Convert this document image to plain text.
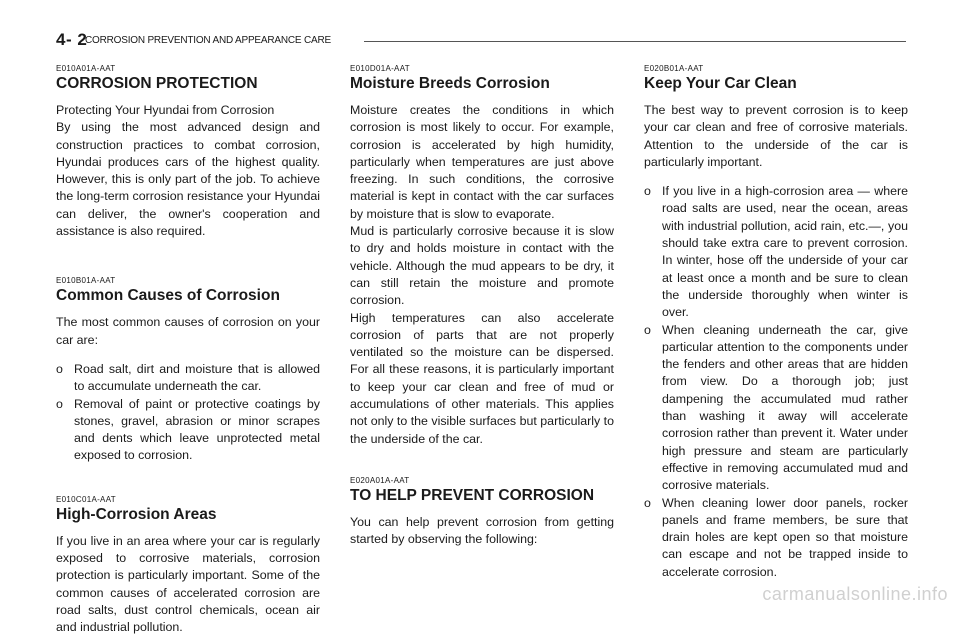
4- 2
CORROSION PREVENTION AND APPEARANCE CARE
E010A01A-AAT
CORROSION PROTECTION

Protecting Your Hyundai from Corrosion

By using the most advanced design and construction practices to combat corrosion, Hyundai produces cars of the highest quality. However, this is only part of the job. To achieve the long-term corrosion resistance your Hyundai can deliver, the owner's cooperation and assistance is also required.

E010B01A-AAT
Common Causes of Corrosion

The most common causes of corrosion on your car are:

o Road salt, dirt and moisture that is allowed to accumulate underneath the car.
o Removal of paint or protective coatings by stones, gravel, abrasion or minor scrapes and dents which leave unprotected metal exposed to corrosion.
E010C01A-AAT
High-Corrosion Areas

If you live in an area where your car is regularly exposed to corrosive materials, corrosion protection is particularly important. Some of the common causes of accelerated corrosion are road salts, dust control chemicals, ocean air and industrial pollution.

E010D01A-AAT
Moisture Breeds Corrosion

Moisture creates the conditions in which corrosion is most likely to occur. For example, corrosion is accelerated by high humidity, particularly when temperatures are just above freezing. In such conditions, the corrosive material is kept in contact with the car surfaces by moisture that is slow to evaporate.

Mud is particularly corrosive because it is slow to dry and holds moisture in contact with the vehicle. Although the mud appears to be dry, it can still retain the moisture and promote corrosion.

High temperatures can also accelerate corrosion of parts that are not properly ventilated so the moisture can be dispersed. For all these reasons, it is particularly important to keep your car clean and free of mud or accumulations of other materials. This applies not only to the visible surfaces but particularly to the underside of the car.

E020A01A-AAT
TO HELP PREVENT CORROSION

You can help prevent corrosion from getting started by observing the following:

E020B01A-AAT
Keep Your Car Clean

The best way to prevent corrosion is to keep your car clean and free of corrosive materials. Attention to the underside of the car is particularly important.

o If you live in a high-corrosion area — where road salts are used, near the ocean, areas with industrial pollution, acid rain, etc.—, you should take extra care to prevent corrosion. In winter, hose off the underside of your car at least once a month and be sure to clean the underside thoroughly when winter is over.
o When cleaning underneath the car, give particular attention to the components under the fenders and other areas that are hidden from view. Do a thorough job; just dampening the accumulated mud rather than washing it away will accelerate corrosion rather than prevent it. Water under high pressure and steam are particularly effective in removing accumulated mud and corrosive materials.
o When cleaning lower door panels, rocker panels and frame members, be sure that drain holes are kept open so that moisture can escape and not be trapped inside to accelerate corrosion.
carmanualsonline.info
